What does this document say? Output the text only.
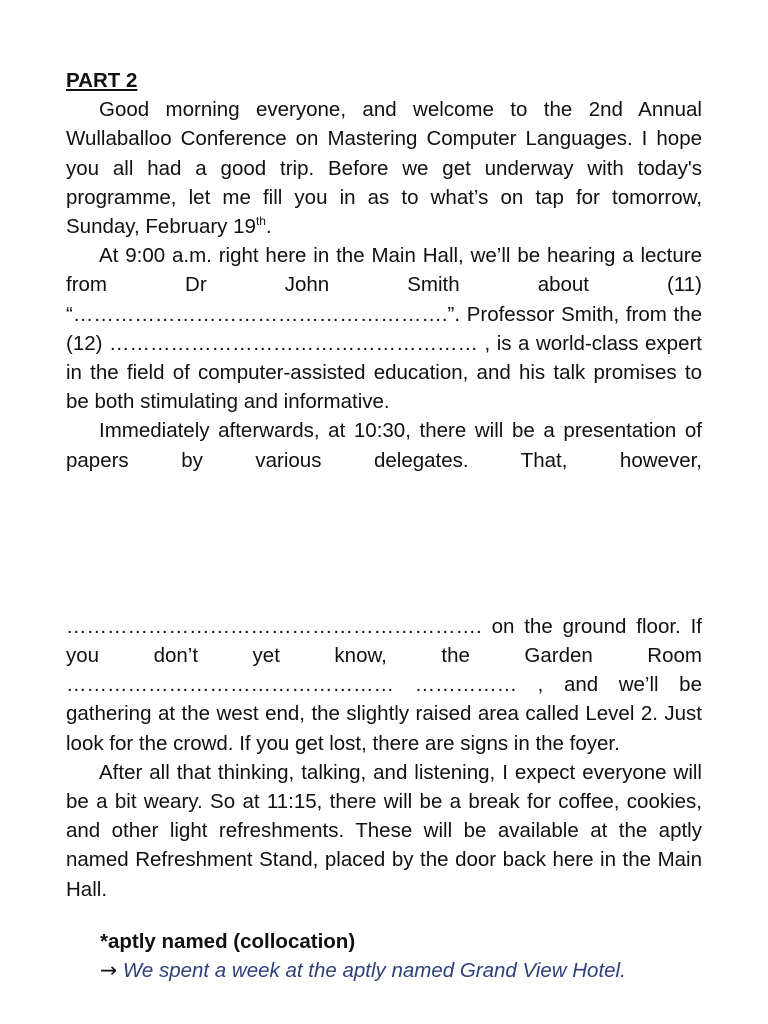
PART 2

Good morning everyone, and welcome to the 2nd Annual Wullaballoo Conference on Mastering Computer Languages. I hope you all had a good trip. Before we get underway with today's programme, let me fill you in as to what’s on tap for tomorrow, Sunday, February 19th.

At 9:00 a.m. right here in the Main Hall, we’ll be hearing a lecture from Dr John Smith about (11) “……………………………………………….”. Professor Smith, from the (12) ……………………………………………… , is a world-class expert in the field of computer-assisted education, and his talk promises to be both stimulating and informative.

Immediately afterwards, at 10:30, there will be a presentation of papers by various delegates. That, however,

……………………………………………………. on the ground floor. If you don’t yet know, the Garden Room ………………………………………… …………… , and we’ll be gathering at the west end, the slightly raised area called Level 2. Just look for the crowd. If you get lost, there are signs in the foyer.

After all that thinking, talking, and listening, I expect everyone will be a bit weary. So at 11:15, there will be a break for coffee, cookies, and other light refreshments. These will be available at the aptly named Refreshment Stand, placed by the door back here in the Main Hall.

*aptly named (collocation)

→ We spent a week at the aptly named Grand View Hotel.
